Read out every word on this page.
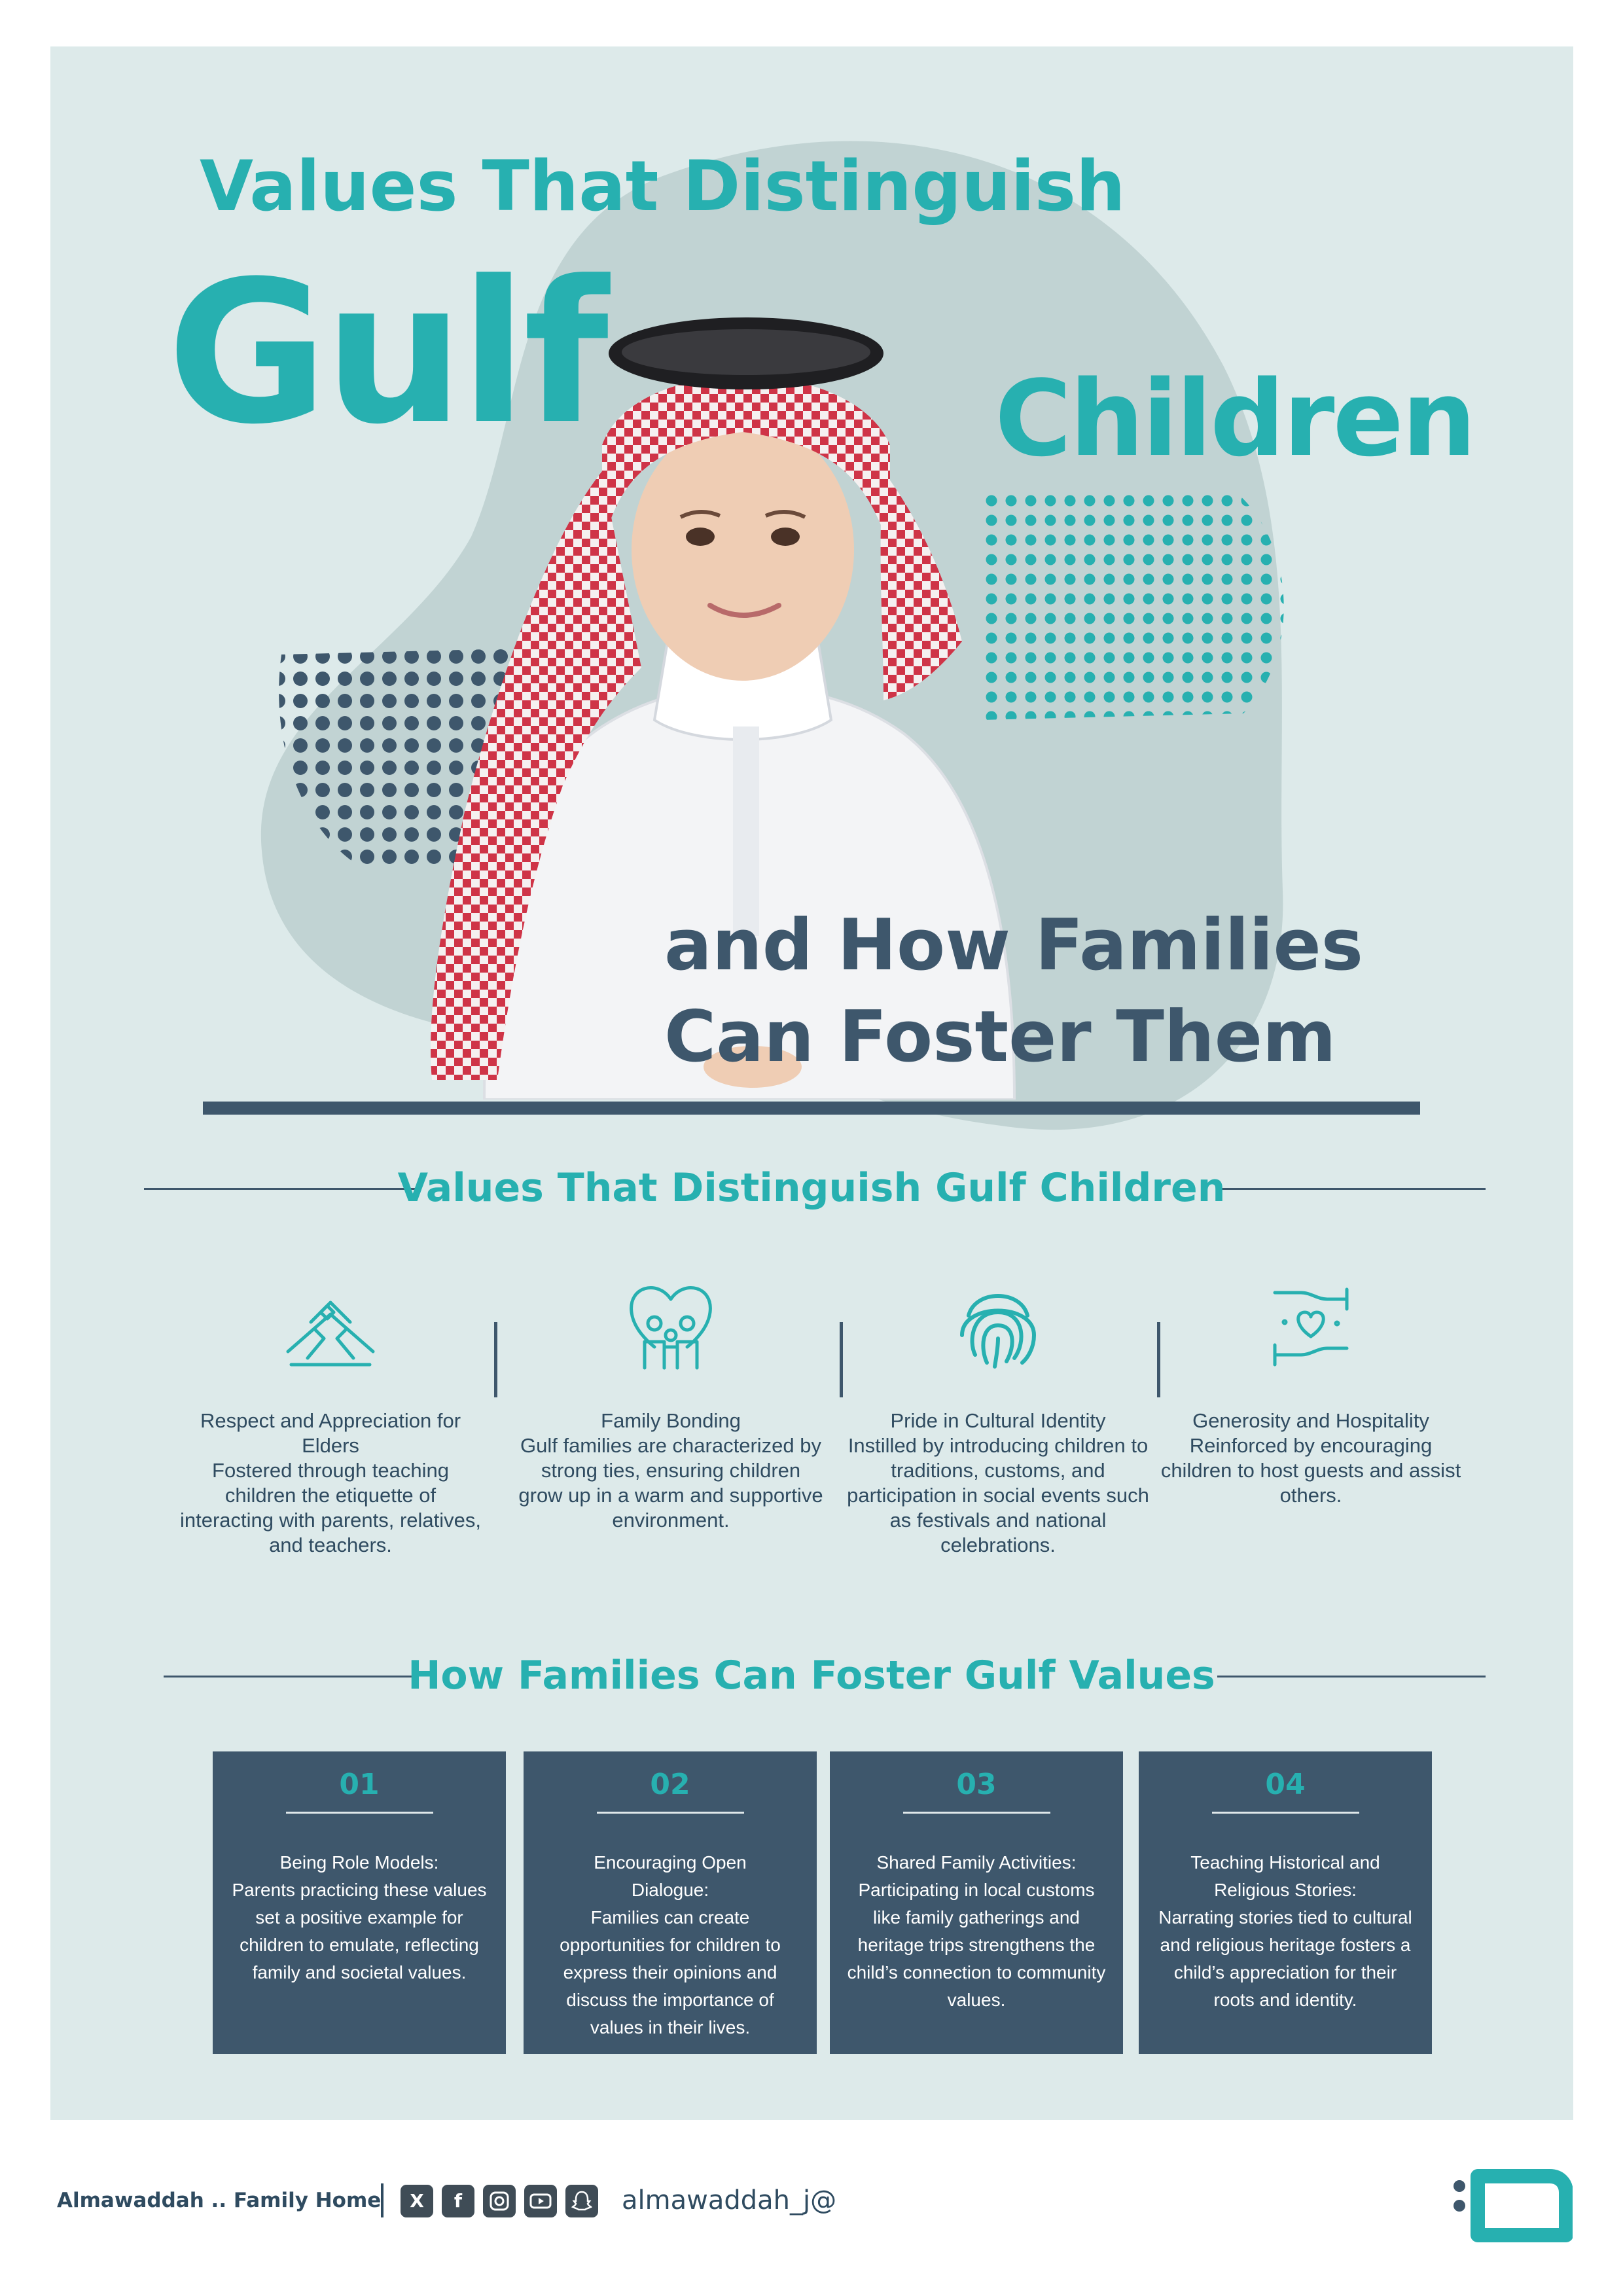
Values That Distinguish
Gulf	Children

and How Families Can Foster Them

Values That Distinguish Gulf Children

Respect and Appreciation for Elders

Fostered through teaching children the etiquette of interacting with parents, relatives, and teachers.

Family Bonding

Gulf families are characterized by strong ties, ensuring children grow up in a warm and supportive environment.

Pride in Cultural Identity

Instilled by introducing children to traditions, customs, and participation in social events such as festivals and national celebrations.

Generosity and Hospitality

Reinforced by encouraging children to host guests and assist others.

How Families Can Foster Gulf Values

01

Being Role Models:

Parents practicing these values set a positive example for children to emulate, reflecting family and societal values.

02

Encouraging Open Dialogue:

Families can create opportunities for children to express their opinions and discuss the importance of values in their lives.

03

Shared Family Activities:

Participating in local customs like family gatherings and heritage trips strengthens the child’s connection to community values.

04

Teaching Historical and Religious Stories:

Narrating stories tied to cultural and religious heritage fosters a child’s appreciation for their roots and identity.

Almawaddah .. Family Home	X	f	almawaddah_j@
